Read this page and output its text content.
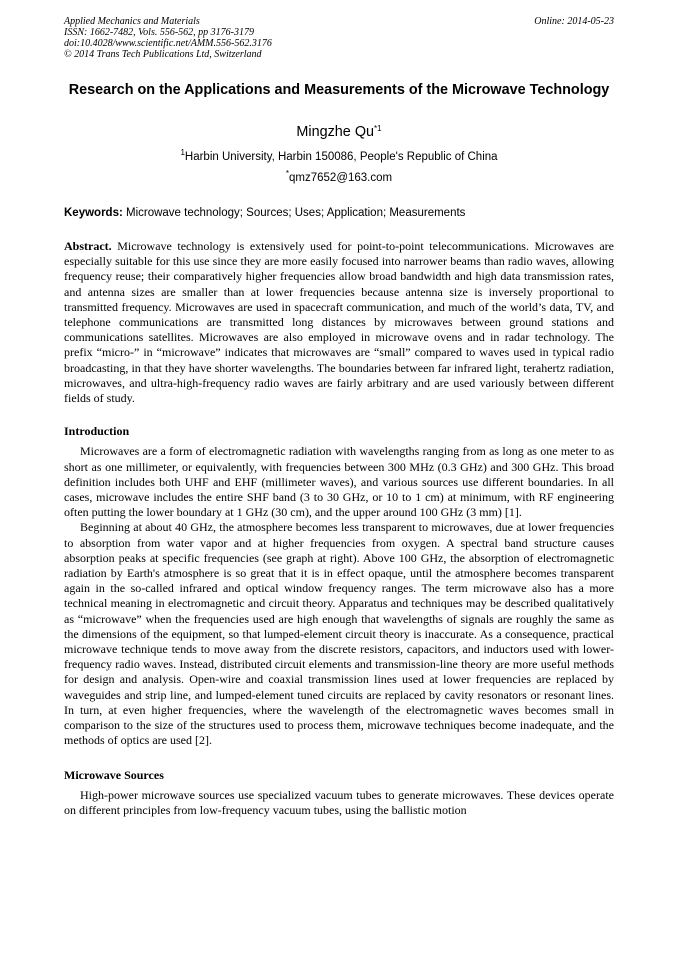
Applied Mechanics and Materials
ISSN: 1662-7482, Vols. 556-562, pp 3176-3179
doi:10.4028/www.scientific.net/AMM.556-562.3176
© 2014 Trans Tech Publications Ltd, Switzerland
Online: 2014-05-23
Research on the Applications and Measurements of the Microwave Technology
Mingzhe Qu$^{*1}$
$^1$Harbin University, Harbin 150086, People's Republic of China
*qmz7652@163.com
Keywords: Microwave technology; Sources; Uses; Application; Measurements

Abstract. Microwave technology is extensively used for point-to-point telecommunications. Microwaves are especially suitable for this use since they are more easily focused into narrower beams than radio waves, allowing frequency reuse; their comparatively higher frequencies allow broad bandwidth and high data transmission rates, and antenna sizes are smaller than at lower frequencies because antenna size is inversely proportional to transmitted frequency. Microwaves are used in spacecraft communication, and much of the world’s data, TV, and telephone communications are transmitted long distances by microwaves between ground stations and communications satellites. Microwaves are also employed in microwave ovens and in radar technology. The prefix “micro-” in “microwave” indicates that microwaves are “small” compared to waves used in typical radio broadcasting, in that they have shorter wavelengths. The boundaries between far infrared light, terahertz radiation, microwaves, and ultra-high-frequency radio waves are fairly arbitrary and are used variously between different fields of study.

Introduction

Microwaves are a form of electromagnetic radiation with wavelengths ranging from as long as one meter to as short as one millimeter, or equivalently, with frequencies between 300 MHz (0.3 GHz) and 300 GHz. This broad definition includes both UHF and EHF (millimeter waves), and various sources use different boundaries. In all cases, microwave includes the entire SHF band (3 to 30 GHz, or 10 to 1 cm) at minimum, with RF engineering often putting the lower boundary at 1 GHz (30 cm), and the upper around 100 GHz (3 mm) [1].

Beginning at about 40 GHz, the atmosphere becomes less transparent to microwaves, due at lower frequencies to absorption from water vapor and at higher frequencies from oxygen. A spectral band structure causes absorption peaks at specific frequencies (see graph at right). Above 100 GHz, the absorption of electromagnetic radiation by Earth's atmosphere is so great that it is in effect opaque, until the atmosphere becomes transparent again in the so-called infrared and optical window frequency ranges. The term microwave also has a more technical meaning in electromagnetic and circuit theory. Apparatus and techniques may be described qualitatively as “microwave” when the frequencies used are high enough that wavelengths of signals are roughly the same as the dimensions of the equipment, so that lumped-element circuit theory is inaccurate. As a consequence, practical microwave technique tends to move away from the discrete resistors, capacitors, and inductors used with lower-frequency radio waves. Instead, distributed circuit elements and transmission-line theory are more useful methods for design and analysis. Open-wire and coaxial transmission lines used at lower frequencies are replaced by waveguides and strip line, and lumped-element tuned circuits are replaced by cavity resonators or resonant lines. In turn, at even higher frequencies, where the wavelength of the electromagnetic waves becomes small in comparison to the size of the structures used to process them, microwave techniques become inadequate, and the methods of optics are used [2].

Microwave Sources

High-power microwave sources use specialized vacuum tubes to generate microwaves. These devices operate on different principles from low-frequency vacuum tubes, using the ballistic motion
